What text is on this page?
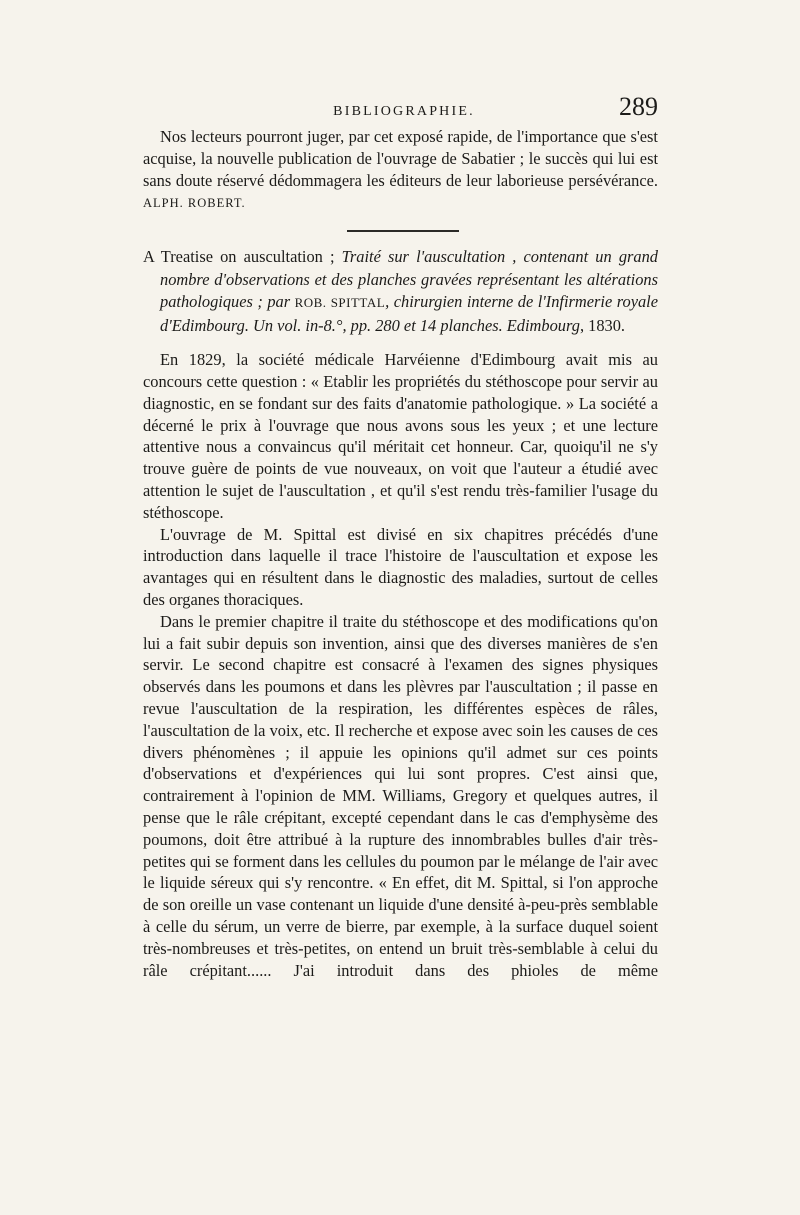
BIBLIOGRAPHIE.	289

Nos lecteurs pourront juger, par cet exposé rapide, de l'importance que s'est acquise, la nouvelle publication de l'ouvrage de Sabatier ; le succès qui lui est sans doute réservé dédommagera les éditeurs de leur laborieuse persévérance. ALPH. ROBERT.

A Treatise on auscultation ; Traité sur l'auscultation , contenant un grand nombre d'observations et des planches gravées représentant les altérations pathologiques ; par ROB. SPITTAL, chirurgien interne de l'Infirmerie royale d'Edimbourg. Un vol. in-8.°, pp. 280 et 14 planches. Edimbourg, 1830.

En 1829, la société médicale Harvéienne d'Edimbourg avait mis au concours cette question : « Etablir les propriétés du stéthoscope pour servir au diagnostic, en se fondant sur des faits d'anatomie pathologique. » La société a décerné le prix à l'ouvrage que nous avons sous les yeux ; et une lecture attentive nous a convaincus qu'il méritait cet honneur. Car, quoiqu'il ne s'y trouve guère de points de vue nouveaux, on voit que l'auteur a étudié avec attention le sujet de l'auscultation , et qu'il s'est rendu très-familier l'usage du stéthoscope.

L'ouvrage de M. Spittal est divisé en six chapitres précédés d'une introduction dans laquelle il trace l'histoire de l'auscultation et expose les avantages qui en résultent dans le diagnostic des maladies, surtout de celles des organes thoraciques.

Dans le premier chapitre il traite du stéthoscope et des modifications qu'on lui a fait subir depuis son invention, ainsi que des diverses manières de s'en servir. Le second chapitre est consacré à l'examen des signes physiques observés dans les poumons et dans les plèvres par l'auscultation ; il passe en revue l'auscultation de la respiration, les différentes espèces de râles, l'auscultation de la voix, etc. Il recherche et expose avec soin les causes de ces divers phénomènes ; il appuie les opinions qu'il admet sur ces points d'observations et d'expériences qui lui sont propres. C'est ainsi que, contrairement à l'opinion de MM. Williams, Gregory et quelques autres, il pense que le râle crépitant, excepté cependant dans le cas d'emphysème des poumons, doit être attribué à la rupture des innombrables bulles d'air très-petites qui se forment dans les cellules du poumon par le mélange de l'air avec le liquide séreux qui s'y rencontre. « En effet, dit M. Spittal, si l'on approche de son oreille un vase contenant un liquide d'une densité à-peu-près semblable à celle du sérum, un verre de bierre, par exemple, à la surface duquel soient très-nombreuses et très-petites, on entend un bruit très-semblable à celui du râle crépitant...... J'ai introduit dans des phioles de même
